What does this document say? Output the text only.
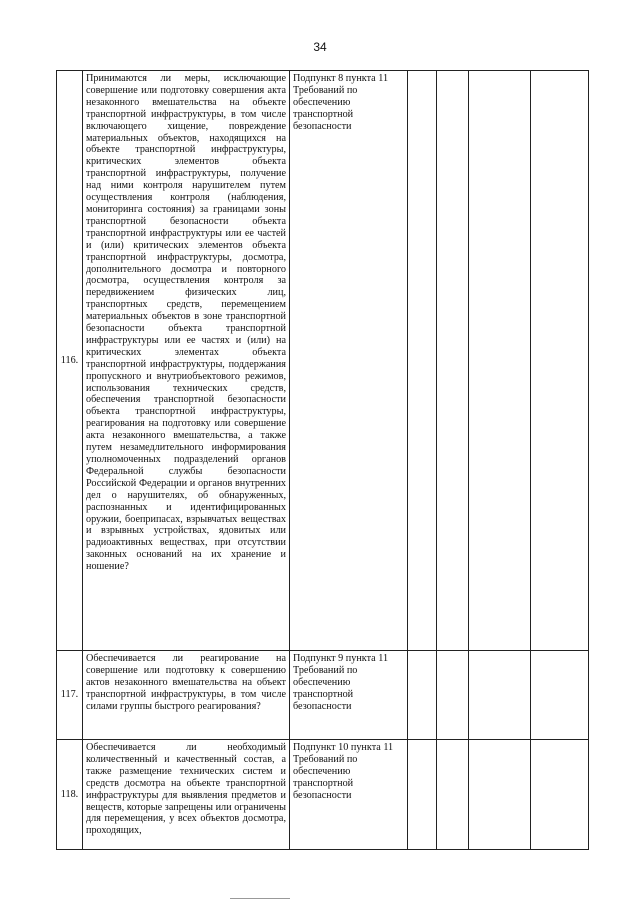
34
116.	Принимаются ли меры, исключающие совершение или подготовку совершения акта незаконного вмешательства на объекте транспортной инфраструктуры, в том числе включающего хищение, повреждение материальных объектов, находящихся на объекте транспортной инфраструктуры, критических элементов объекта транспортной инфраструктуры, получение над ними контроля нарушителем путем осуществления контроля (наблюдения, мониторинга состояния) за границами зоны транспортной безопасности объекта транспортной инфраструктуры или ее частей и (или) критических элементов объекта транспортной инфраструктуры, досмотра, дополнительного досмотра и повторного досмотра, осуществления контроля за передвижением физических лиц, транспортных средств, перемещением материальных объектов в зоне транспортной безопасности объекта транспортной инфраструктуры или ее частях и (или) на критических элементах объекта транспортной инфраструктуры, поддержания пропускного и внутриобъектового режимов, использования технических средств, обеспечения транспортной безопасности объекта транспортной инфраструктуры, реагирования на подготовку или совершение акта незаконного вмешательства, а также путем незамедлительного информирования уполномоченных подразделений органов Федеральной службы безопасности Российской Федерации и органов внутренних дел о нарушителях, об обнаруженных, распознанных и идентифицированных оружии, боеприпасах, взрывчатых веществах и взрывных устройствах, ядовитых или радиоактивных веществах, при отсутствии законных оснований на их хранение и ношение?	Подпункт 8 пункта 11 Требований по обеспечению транспортной безопасности				
117.	Обеспечивается ли реагирование на совершение или подготовку к совершению актов незаконного вмешательства на объект транспортной инфраструктуры, в том числе силами группы быстрого реагирования?	Подпункт 9 пункта 11 Требований по обеспечению транспортной безопасности				
118.	Обеспечивается ли необходимый количественный и качественный состав, а также размещение технических систем и средств досмотра на объекте транспортной инфраструктуры для выявления предметов и веществ, которые запрещены или ограничены для перемещения, у всех объектов досмотра, проходящих,	Подпункт 10 пункта 11 Требований по обеспечению транспортной безопасности				
